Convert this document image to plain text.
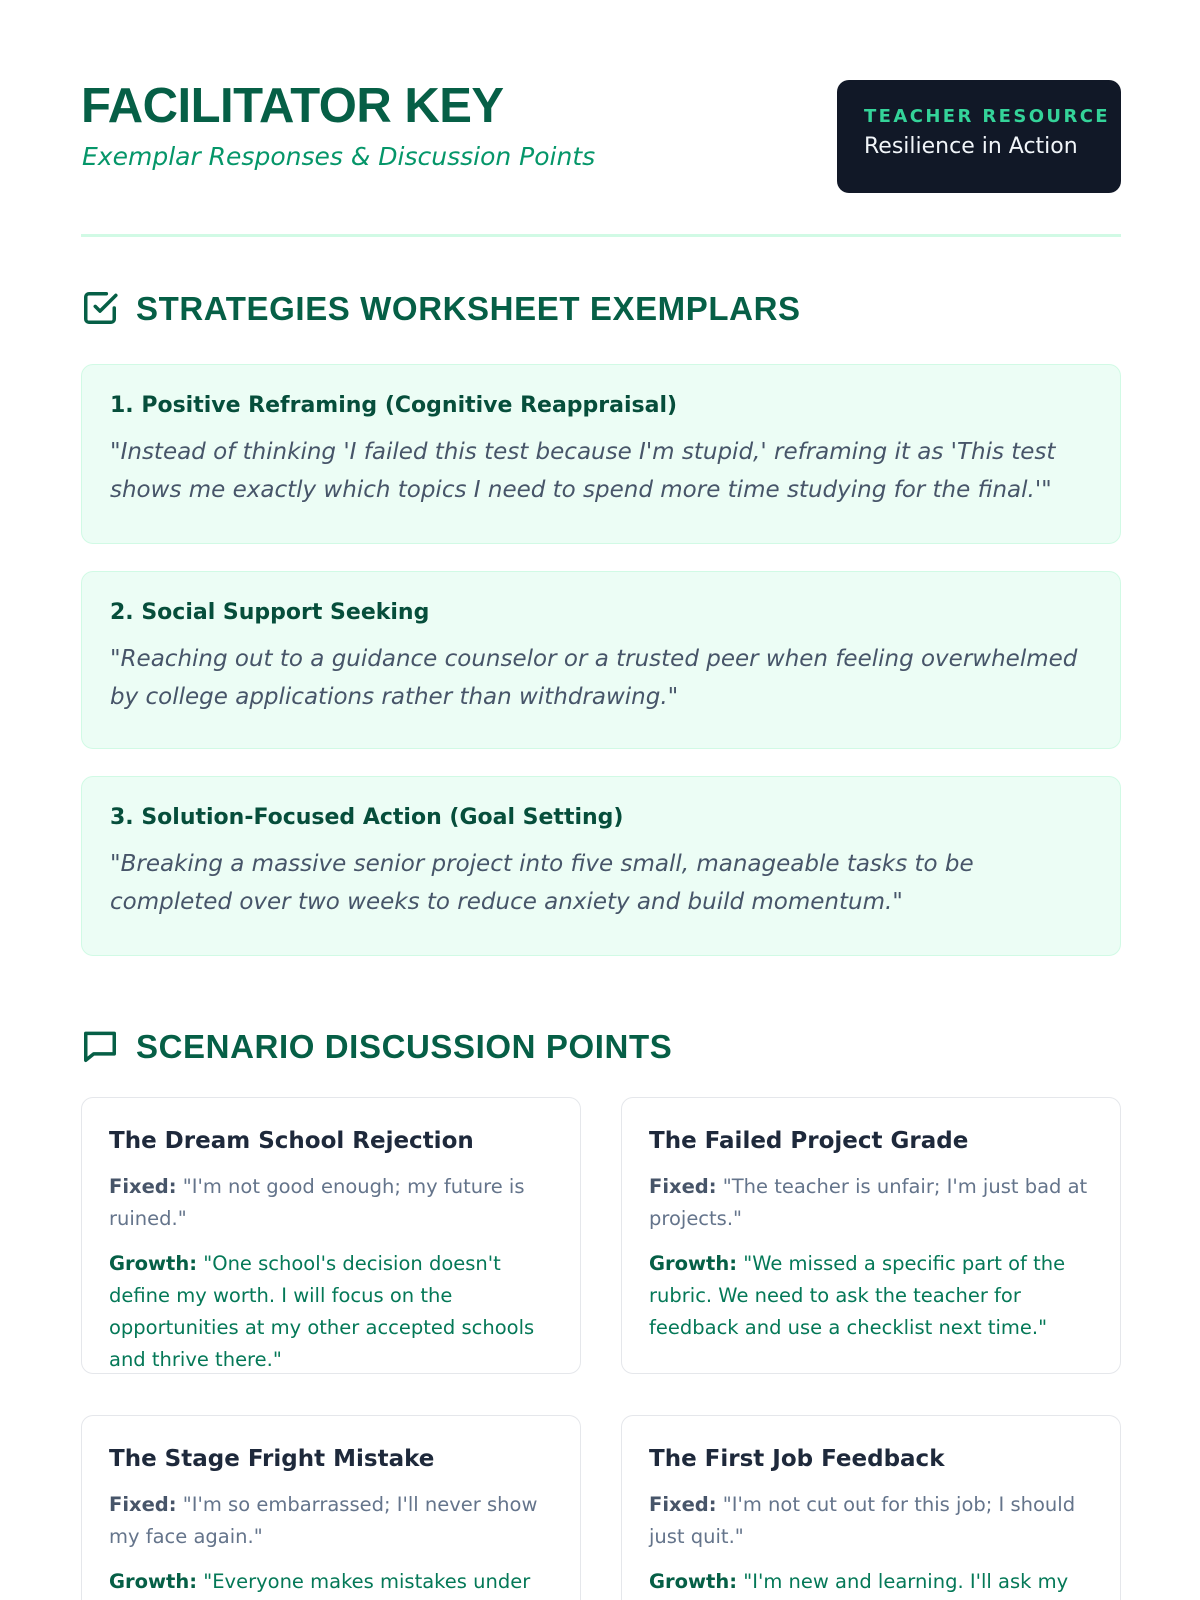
FACILITATOR KEY
Exemplar Responses & Discussion Points
TEACHER RESOURCE
Resilience in Action
STRATEGIES WORKSHEET EXEMPLARS
1. Positive Reframing (Cognitive Reappraisal)
"Instead of thinking 'I failed this test because I'm stupid,' reframing it as 'This test shows me exactly which topics I need to spend more time studying for the final.'"
2. Social Support Seeking
"Reaching out to a guidance counselor or a trusted peer when feeling overwhelmed by college applications rather than withdrawing."
3. Solution-Focused Action (Goal Setting)
"Breaking a massive senior project into five small, manageable tasks to be completed over two weeks to reduce anxiety and build momentum."
SCENARIO DISCUSSION POINTS
The Dream School Rejection
Fixed: "I'm not good enough; my future is ruined."
Growth: "One school's decision doesn't define my worth. I will focus on the opportunities at my other accepted schools and thrive there."
The Failed Project Grade
Fixed: "The teacher is unfair; I'm just bad at projects."
Growth: "We missed a specific part of the rubric. We need to ask the teacher for feedback and use a checklist next time."
The Stage Fright Mistake
Fixed: "I'm so embarrassed; I'll never show my face again."
Growth: "Everyone makes mistakes under
The First Job Feedback
Fixed: "I'm not cut out for this job; I should just quit."
Growth: "I'm new and learning. I'll ask my
